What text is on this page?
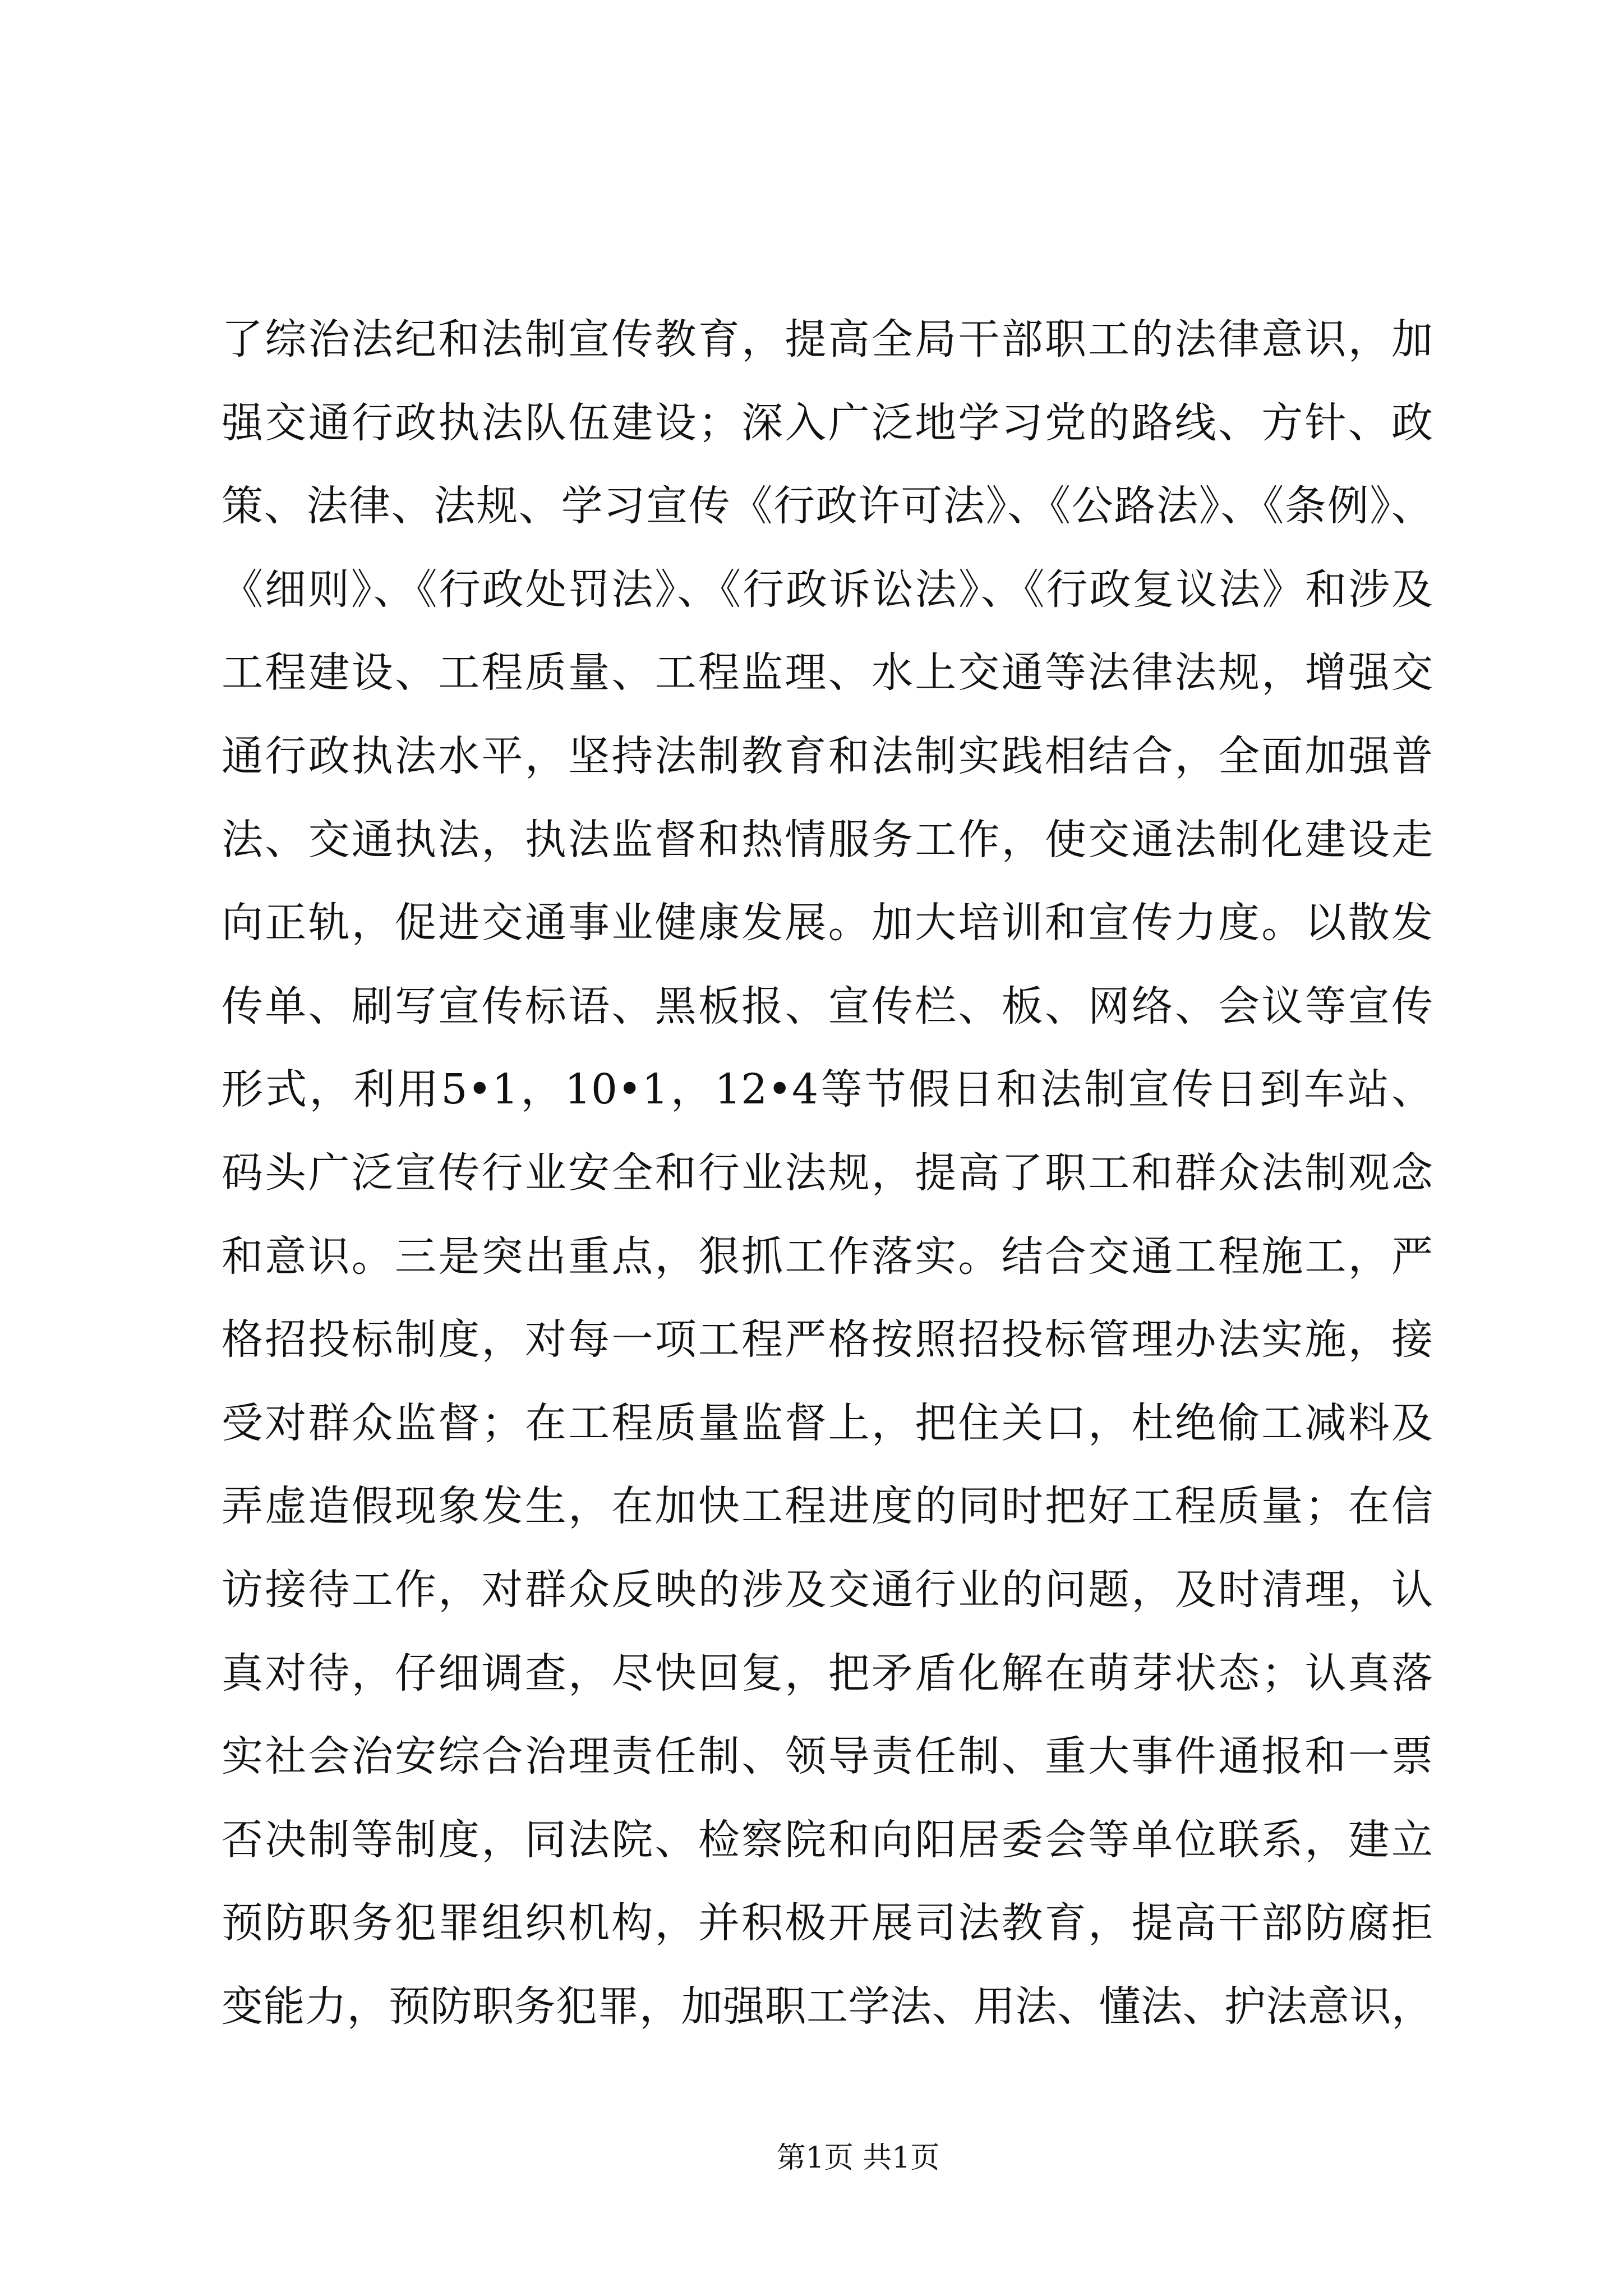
了综治法纪和法制宣传教育，提高全局干部职工的法律意识，加
强交通行政执法队伍建设；深入广泛地学习党的路线、方针、政
策、法律、法规、学习宣传《行政许可法》、《公路法》、《条例》、
《细则》、《行政处罚法》、《行政诉讼法》、《行政复议法》和涉及
工程建设、工程质量、工程监理、水上交通等法律法规，增强交
通行政执法水平，坚持法制教育和法制实践相结合，全面加强普
法、交通执法，执法监督和热情服务工作，使交通法制化建设走
向正轨，促进交通事业健康发展。加大培训和宣传力度。以散发
传单、刷写宣传标语、黑板报、宣传栏、板、网络、会议等宣传
形式，利用5•1，10•1，12•4等节假日和法制宣传日到车站、
码头广泛宣传行业安全和行业法规，提高了职工和群众法制观念
和意识。三是突出重点，狠抓工作落实。结合交通工程施工，严
格招投标制度，对每一项工程严格按照招投标管理办法实施，接
受对群众监督；在工程质量监督上，把住关口，杜绝偷工减料及
弄虚造假现象发生，在加快工程进度的同时把好工程质量；在信
访接待工作，对群众反映的涉及交通行业的问题，及时清理，认
真对待，仔细调查，尽快回复，把矛盾化解在萌芽状态；认真落
实社会治安综合治理责任制、领导责任制、重大事件通报和一票
否决制等制度，同法院、检察院和向阳居委会等单位联系，建立
预防职务犯罪组织机构，并积极开展司法教育，提高干部防腐拒
变能力，预防职务犯罪，加强职工学法、用法、懂法、护法意识，
第1页 共1页
